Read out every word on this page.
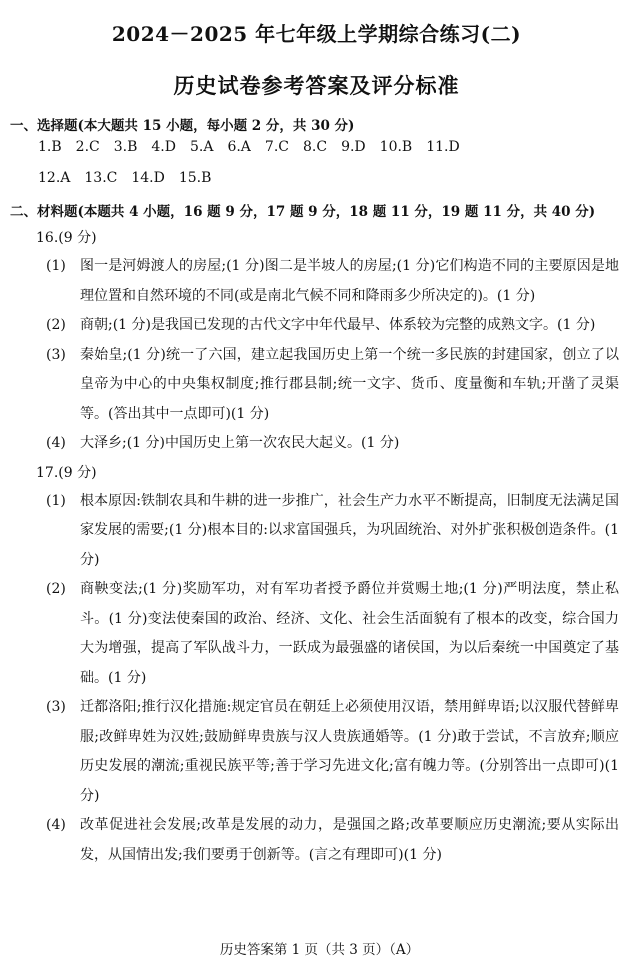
2024－2025 年七年级上学期综合练习(二)
历史试卷参考答案及评分标准
一、选择题(本大题共 15 小题，每小题 2 分，共 30 分)
1.B 2.C 3.B 4.D 5.A 6.A 7.C 8.C 9.D 10.B 11.D
12.A 13.C 14.D 15.B
二、材料题(本题共 4 小题，16 题 9 分，17 题 9 分，18 题 11 分，19 题 11 分，共 40 分)
16.(9 分)
(1) 图一是河姆渡人的房屋;(1 分)图二是半坡人的房屋;(1 分)它们构造不同的主要原因是地理位置和自然环境的不同(或是南北气候不同和降雨多少所决定的)。(1 分)
(2) 商朝;(1 分)是我国已发现的古代文字中年代最早、体系较为完整的成熟文字。(1 分)
(3) 秦始皇;(1 分)统一了六国，建立起我国历史上第一个统一多民族的封建国家，创立了以皇帝为中心的中央集权制度;推行郡县制;统一文字、货币、度量衡和车轨;开凿了灵渠等。(答出其中一点即可)(1 分)
(4) 大泽乡;(1 分)中国历史上第一次农民大起义。(1 分)
17.(9 分)
(1) 根本原因:铁制农具和牛耕的进一步推广，社会生产力水平不断提高，旧制度无法满足国家发展的需要;(1 分)根本目的:以求富国强兵，为巩固统治、对外扩张积极创造条件。(1 分)
(2) 商鞅变法;(1 分)奖励军功，对有军功者授予爵位并赏赐土地;(1 分)严明法度，禁止私斗。(1 分)变法使秦国的政治、经济、文化、社会生活面貌有了根本的改变，综合国力大为增强，提高了军队战斗力，一跃成为最强盛的诸侯国，为以后秦统一中国奠定了基础。(1 分)
(3) 迁都洛阳;推行汉化措施:规定官员在朝廷上必须使用汉语，禁用鲜卑语;以汉服代替鲜卑服;改鲜卑姓为汉姓;鼓励鲜卑贵族与汉人贵族通婚等。(1 分)敢于尝试，不言放弃;顺应历史发展的潮流;重视民族平等;善于学习先进文化;富有魄力等。(分别答出一点即可)(1 分)
(4) 改革促进社会发展;改革是发展的动力，是强国之路;改革要顺应历史潮流;要从实际出发，从国情出发;我们要勇于创新等。(言之有理即可)(1 分)
历史答案第 1 页（共 3 页）（A）
